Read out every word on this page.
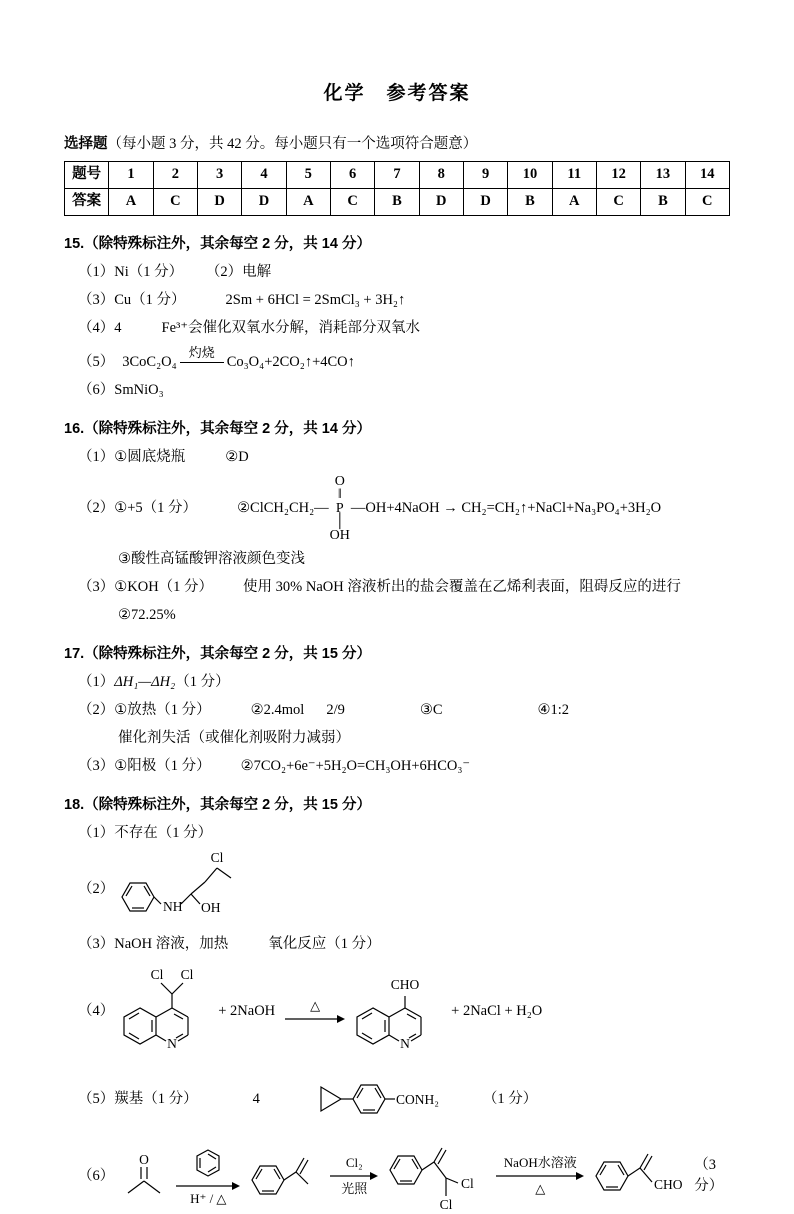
化学　参考答案
选择题（每小题 3 分，共 42 分。每小题只有一个选项符合题意）
题号	1	2	3	4	5	6	7	8	9	10	11	12	13	14
答案	A	C	D	D	A	C	B	D	D	B	A	C	B	C
15.（除特殊标注外，其余每空 2 分，共 14 分）
（1）Ni（1 分） （2）电解
（3）Cu（1 分）	2Sm + 6HCl = 2SmCl₃ + 3H₂↑
（4）4	Fe³⁺会催化双氧水分解，消耗部分双氧水
（5） 3CoC₂O₄灼烧Co₃O₄+2CO₂↑+4CO↑
（6）SmNiO₃
16.（除特殊标注外，其余每空 2 分，共 14 分）
（1）①圆底烧瓶	②D
（2）①+5（1 分）	②ClCH₂CH₂—
O
‖
P
│
OH
—OH+4NaOH → CH₂=CH₂↑+NaCl+Na₃PO₄+3H₂O
③酸性高锰酸钾溶液颜色变浅
（3）①KOH（1 分） 使用 30% NaOH 溶液析出的盐会覆盖在乙烯利表面，阻碍反应的进行
②72.25%
17.（除特殊标注外，其余每空 2 分，共 15 分）
（1）ΔH₁—ΔH₂（1 分）
（2）①放热（1 分）	②2.4mol 2/9	③C	④1:2
催化剂失活（或催化剂吸附力减弱）
（3）①阳极（1 分） ②7CO₂+6e⁻+5H₂O=CH₃OH+6HCO₃⁻
18.（除特殊标注外，其余每空 2 分，共 15 分）
（1）不存在（1 分）
（2）
NH OH
Cl
（3）NaOH 溶液，加热	氧化反应（1 分）
（4）
N
Cl Cl
+ 2NaOH	△
N
CHO
+ 2NaCl + H₂O
（5）羰基（1 分）	4	CONH₂	（1 分）
（6）
O
H⁺ / △
Cl₂
光照	Cl
Cl
NaOH水溶液
△	CHO
（3 分）
